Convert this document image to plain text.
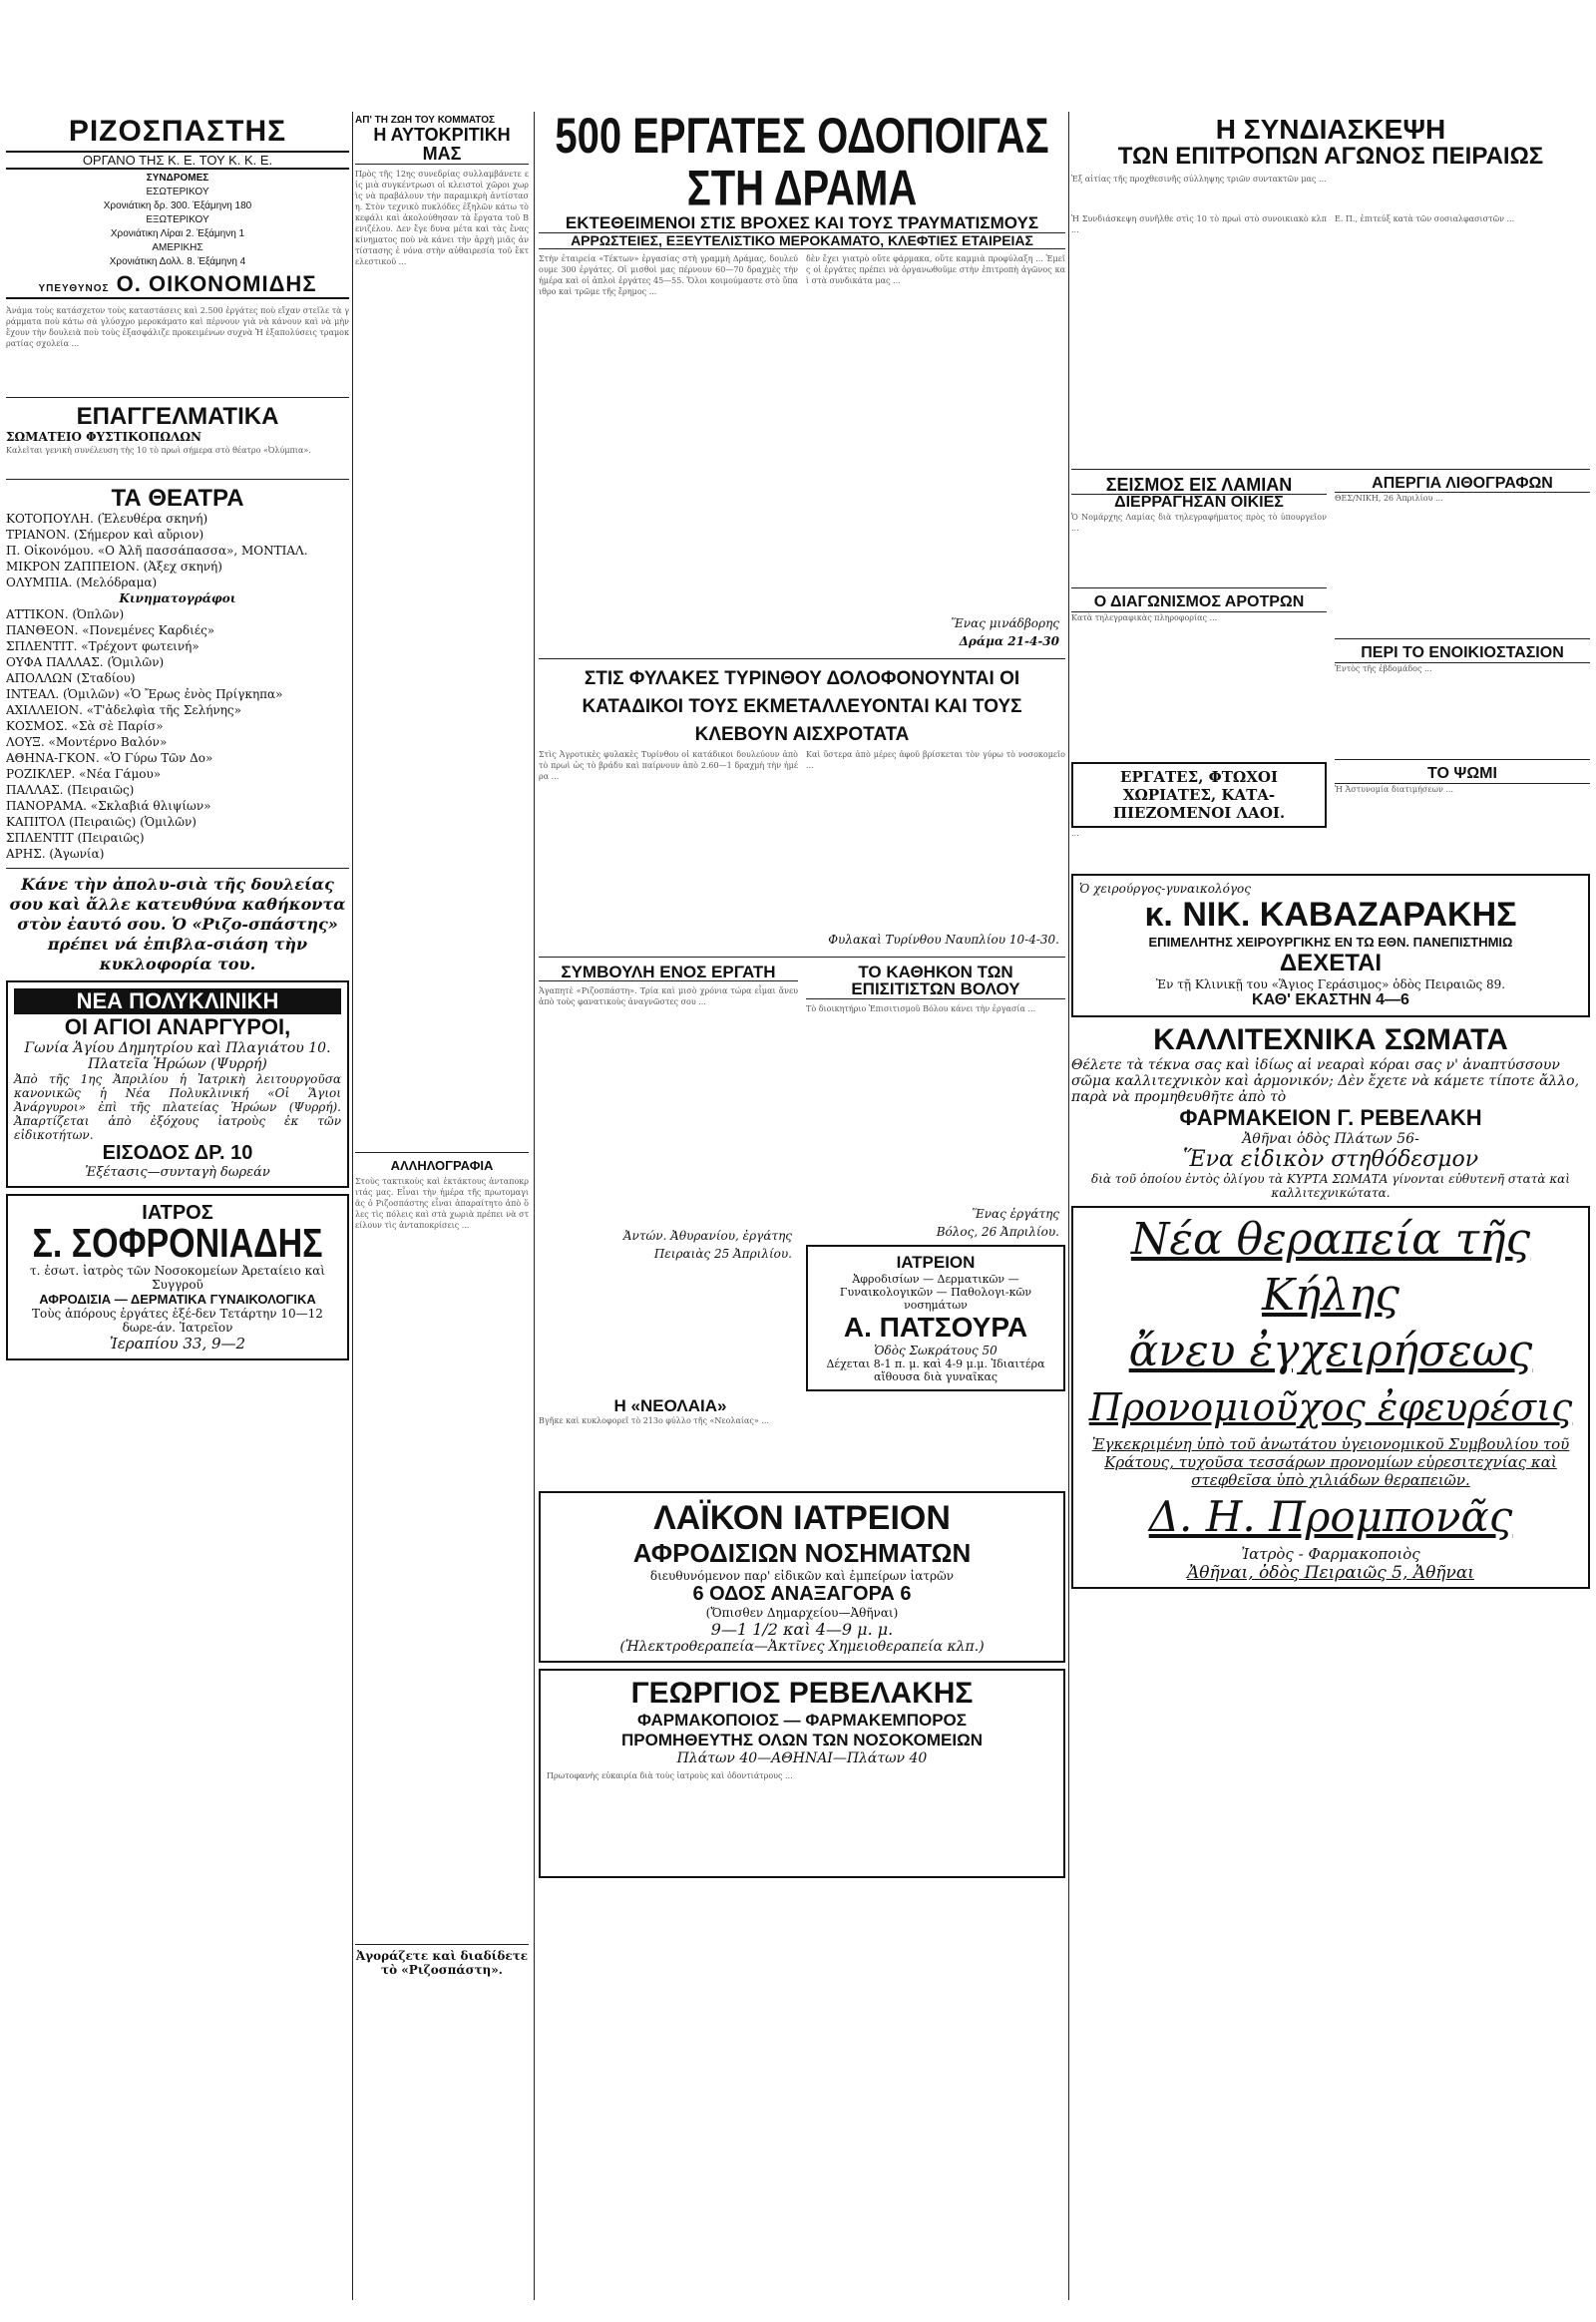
ΡΙΖΟΣΠΑΣΤΗΣ
ΟΡΓΑΝΟ ΤΗΣ Κ. Ε. ΤΟΥ Κ. Κ. Ε.
ΣΥΝΔΡΟΜΕΣ
ΕΣΩΤΕΡΙΚΟΥ
Χρονιάτικη δρ. 300. Ἑξάμηνη 180
ΕΞΩΤΕΡΙΚΟΥ
Χρονιάτικη Λίραι 2. Ἑξάμηνη 1
ΑΜΕΡΙΚΗΣ
Χρονιάτικη Δολλ. 8. Ἑξάμηνη 4
ΥΠΕΥΘΥΝΟΣ Ο. ΟΙΚΟΝΟΜΙΔΗΣ
Ἀνάμα τοὺς κατάσχετον τοὺς καταστάσεις καὶ 2.500 ἐργάτες ποὺ εἴχαν στεῖλε τὰ γράμματα ποὺ κάτω σὰ γλύσχρο μεροκάματο καὶ πέρνουν γιὰ νὰ κάνουν καὶ νὰ μὴν ἔχουν τὴν δουλειὰ ποὺ τοὺς ἐξασφάλιζε προκειμένων συχνὰ Ἡ ἐξαπολύσεις τραμοκρατίας σχολεία ...
ΕΠΑΓΓΕΛΜΑΤΙΚΑ
ΣΩΜΑΤΕΙΟ ΦΥΣΤΙΚΟΠΩΛΩΝ
Καλεῖται γενικὴ συνέλευση τὴς 10 τὸ πρωὶ σήμερα στὸ θέατρο «Ὀλύμπια».
ΤΑ ΘΕΑΤΡΑ
ΚΟΤΟΠΟΥΛΗ. (Ἐλευθέρα σκηνή)
ΤΡΙΑΝΟΝ. (Σήμερον καὶ αὔριον)
Π. Οἰκονόμου. «Ο Ἀλῆ πασσάπασσα», ΜΟΝΤΙΑΛ.
ΜΙΚΡΟΝ ΖΑΠΠΕΙΟΝ. (Ἀξεχ σκηνή)
ΟΛΥΜΠΙΑ. (Μελόδραμα)
Κινηματογράφοι
ΑΤΤΙΚΟΝ. (Ὀπλῶν)
ΠΑΝΘΕΟΝ. «Πονεμένες Καρδιές»
ΣΠΛΕΝΤΙΤ. «Τρέχοντ φωτεινή»
ΟΥΦΑ ΠΑΛΛΑΣ. (Ὁμιλῶν)
ΑΠΟΛΛΩΝ (Σταδίου)
ΙΝΤΕΑΛ. (Ὁμιλῶν) «Ὁ Ἔρως ἐνὸς Πρίγκηπα»
ΑΧΙΛΛΕΙΟΝ. «Τ'ἀδελφὶα τῆς Σελήνης»
ΚΟΣΜΟΣ. «Σὰ σὲ Παρίσ»
ΛΟΥΞ. «Μοντέρνο Βαλόν»
ΑΘΗΝΑ-ΓΚΟΝ. «Ὁ Γύρω Τῶν Δο»
ΡΟΖΙΚΛΕΡ. «Νέα Γάμου»
ΠΑΛΛΑΣ. (Πειραιῶς)
ΠΑΝΟΡΑΜΑ. «Σκλαβιά θλιψίων»
ΚΑΠΙΤΟΛ (Πειραιῶς) (Ὁμιλῶν)
ΣΠΛΕΝΤΙΤ (Πειραιῶς)
ΑΡΗΣ. (Ἀγωνία)
Κάνε τὴν ἀπολυ-σιὰ τῆς δουλείας σου καὶ ἄλλε κατευθύνα καθήκοντα στὸν ἐαυτό σου. Ὁ «Ριζο-σπάστης» πρέπει νά ἐπιβλα-σιάση τὴν κυκλοφορία του.
ΝΕΑ ΠΟΛΥΚΛΙΝΙΚΗ
ΟΙ ΑΓΙΟΙ ΑΝΑΡΓΥΡΟΙ,
Γωνία Ἁγίου Δημητρίου καὶ Πλαγιάτου 10. Πλατεῖα Ἡρώων (Ψυρρή)
Ἀπὸ τῆς 1ης Ἀπριλίου ἡ Ἰατρικὴ λειτουργοῦσα κανονικῶς ἡ Νέα Πολυκλινική «Οἱ Ἅγιοι Ἀνάργυροι» ἐπὶ τῆς πλατείας Ἡρώων (Ψυρρή). Ἀπαρτίζεται ἀπὸ ἐξόχους ἰατροὺς ἐκ τῶν εἰδικοτήτων.
ΕΙΣΟΔΟΣ ΔΡ. 10
Ἐξέτασις—συνταγὴ δωρεάν
ΙΑΤΡΟΣ
Σ. ΣΟΦΡΟΝΙΑΔΗΣ
τ. ἐσωτ. ἰατρὸς τῶν Νοσοκομείων Ἀρεταίειο καὶ Συγγροῦ
ΑΦΡΟΔΙΣΙΑ — ΔΕΡΜΑΤΙΚΑ ΓΥΝΑΙΚΟΛΟΓΙΚΑ
Τοὺς ἀπόρους ἐργάτες ἐξέ-δεν Τετάρτην 10—12 δωρε-άν. Ἰατρεῖον
Ἰεραπίου 33, 9—2
ΑΠ' ΤΗ ΖΩΗ ΤΟΥ ΚΟΜΜΑΤΟΣ
Η ΑΥΤΟΚΡΙΤΙΚΗ ΜΑΣ
Πρὸς τῆς 12ης συνεδρίας συλλαμβάνετε εἰς μιὰ συγκέντρωσι οἱ κλειστοὶ χῶροι χωρὶς νὰ πραβάλουν τὴν παραμικρὴ ἀντίσταση. Στὸν τεχνικὸ πυκλόδες ἐξηλῶν κάτω τὸ κεφάλι καὶ ἀκολούθησαν τὰ ἔργατα τοῦ Βενιζέλου. Δεν ἔγε δυνα μέτα καὶ τὰς ἔνας κίνηματος ποὺ νὰ κάνει τὴν ἀρχὴ μιᾶς ἀντίστασης ἐ νόνα στὴν αὐθαιρεσία τοῦ ἔκτελεστικοῦ ...
ΑΛΛΗΛΟΓΡΑΦΙΑ
Στοὺς τακτικοὺς καὶ ἐκτάκτους ἀνταποκριτάς μας. Εἶναι τὴν ἡμέρα τῆς πρωτομαγιᾶς ὁ Ριζοσπάστης εἶναι ἀπαραίτητο ἀπὸ ὅλες τὶς πόλεις καὶ στὰ χωριὰ πρέπει νὰ στείλουν τὶς ἀνταποκρίσεις ...
Ἀγοράζετε καὶ διαδίδετε τὸ «Ριζοσπάστη».
500 ΕΡΓΑΤΕΣ ΟΔΟΠΟΙΓΑΣ ΣΤΗ ΔΡΑΜΑ
ΕΚΤΕΘΕΙΜΕΝΟΙ ΣΤΙΣ ΒΡΟΧΕΣ ΚΑΙ ΤΟΥΣ ΤΡΑΥΜΑΤΙΣΜΟΥΣ
ΑΡΡΩΣΤΕΙΕΣ, ΕΞΕΥΤΕΛΙΣΤΙΚΟ ΜΕΡΟΚΑΜΑΤΟ, ΚΛΕΦΤΙΕΣ ΕΤΑΙΡΕΙΑΣ
Στὴν ἐταιρεία «Τέκτων» ἐργασίας στὴ γραμμὴ Δράμας, δουλεύουμε 300 ἐργάτες. Οἱ μισθοὶ μας πέρνουν 60—70 δραχμὲς τὴν ἡμέρα καὶ οἱ ἀπλοὶ ἐργάτες 45—55. Ὅλοι κοιμούμαστε στὸ ὕπαιθρο καὶ τρῶμε τῆς ἔρημος ...
δὲν ἔχει γιατρὸ οὔτε φάρμακα, οὔτε καμμιὰ προφύλαξη ... Ἐμεῖς οἱ ἐργάτες πρέπει νὰ ὀργανωθοῦμε στὴν ἐπιτροπὴ ἀγῶνος καὶ στὰ συνδικάτα μας ...
Ἕνας μινάδβορης
Δράμα 21-4-30
ΣΤΙΣ ΦΥΛΑΚΕΣ ΤΥΡΙΝΘΟΥ ΔΟΛΟΦΟΝΟΥΝΤΑΙ ΟΙ ΚΑΤΑΔΙΚΟΙ ΤΟΥΣ ΕΚΜΕΤΑΛΛΕΥΟΝΤΑΙ ΚΑΙ ΤΟΥΣ ΚΛΕΒΟΥΝ ΑΙΣΧΡΟΤΑΤΑ
Στὶς Ἀγροτικὲς φυλακὲς Τυρίνθου οἱ κατάδικοι δουλεύουν ἀπὸ τὸ πρωὶ ὡς τὸ βράδυ καὶ παίρνουν ἀπὸ 2.60—1 δραχμὴ τὴν ἡμέρα ...
Καὶ ὕστερα ἀπὸ μέρες ἀφοῦ βρίσκεται τὸν γύρω τὸ νοσοκομεῖο ...
Φυλακαὶ Τυρίνθου Ναυπλίου 10-4-30.
ΣΥΜΒΟΥΛΗ ΕΝΟΣ ΕΡΓΑΤΗ
Ἀγαπητὲ «Ριζοσπάστη». Τρία καὶ μισὸ χρόνια τώρα εἶμαι ἄνευ ἀπὸ τοὺς φανατικοὺς ἀναγνῶστες σου ...
Ἀντών. Ἀθυρανίου, ἐργάτης
Πειραιὰς 25 Ἀπριλίου.
ΤΟ ΚΑΘΗΚΟΝ ΤΩΝ ΕΠΙΣΙΤΙΣΤΩΝ ΒΟΛΟΥ
Τὸ διοικητήριο Ἐπισιτισμοῦ Βόλου κάνει τὴν ἐργασία ...
Ἕνας ἐργάτης
Βόλος, 26 Ἀπριλίου.
ΙΑΤΡΕΙΟΝ
Ἀφροδισίων — Δερματικῶν — Γυναικολογικῶν — Παθολογι-κῶν νοσημάτων
Α. ΠΑΤΣΟΥΡΑ
Ὁδὸς Σωκράτους 50
Δέχεται 8-1 π. μ. καὶ 4-9 μ.μ. Ἰδιαιτέρα αἴθουσα διὰ γυναῖκας
Η «ΝΕΟΛΑΙΑ»
Βγῆκε καὶ κυκλοφορεῖ τὸ 213ο φύλλο τῆς «Νεολαίας» ...
ΛΑΪΚΟΝ ΙΑΤΡΕΙΟΝ
ΑΦΡΟΔΙΣΙΩΝ ΝΟΣΗΜΑΤΩΝ
διευθυνόμενον παρ' εἰδικῶν καὶ ἐμπείρων ἰατρῶν
6 ΟΔΟΣ ΑΝΑΞΑΓΟΡΑ 6
(Ὄπισθεν Δημαρχείου—Ἀθῆναι)
9—1 1/2 καὶ 4—9 μ. μ.
(Ἠλεκτροθεραπεία—Ἀκτῖνες Χημειοθεραπεία κλπ.)
ΓΕΩΡΓΙΟΣ ΡΕΒΕΛΑΚΗΣ
ΦΑΡΜΑΚΟΠΟΙΟΣ — ΦΑΡΜΑΚΕΜΠΟΡΟΣ
ΠΡΟΜΗΘΕΥΤΗΣ ΟΛΩΝ ΤΩΝ ΝΟΣΟΚΟΜΕΙΩΝ
Πλάτων 40—ΑΘΗΝΑΙ—Πλάτων 40
Πρωτοφανὴς εὐκαιρία διὰ τοὺς ἰατροὺς καὶ ὀδοντιάτρους ...
Η ΣΥΝΔΙΑΣΚΕΨΗ
ΤΩΝ ΕΠΙΤΡΟΠΩΝ ΑΓΩΝΟΣ ΠΕΙΡΑΙΩΣ
Ἐξ αἰτίας τῆς προχθεσινῆς σύλληψης τριῶν συντακτῶν μας ...
Ἡ Συνδιάσκεψη συνῆλθε στὶς 10 τὸ πρωὶ στὸ συνοικιακὸ κλπ ...
Ε. Π., ἐπιτεύξ κατὰ τῶν σοσιαλφασιστῶν ...
ΣΕΙΣΜΟΣ ΕΙΣ ΛΑΜΙΑΝ
ΔΙΕΡΡΑΓΗΣΑΝ ΟΙΚΙΕΣ
Ὁ Νομάρχης Λαμίας διὰ τηλεγραφήματος πρὸς τὸ ὑπουργεῖον ...
Ο ΔΙΑΓΩΝΙΣΜΟΣ ΑΡΟΤΡΩΝ
Κατὰ τηλεγραφικὰς πληροφορίας ...
ΕΡΓΑΤΕΣ, ΦΤΩΧΟΙ ΧΩΡΙΑΤΕΣ, ΚΑΤΑ-ΠΙΕΖΟΜΕΝΟΙ ΛΑΟΙ.
...
ΑΠΕΡΓΙΑ ΛΙΘΟΓΡΑΦΩΝ
ΘΕΣ/ΝΙΚΗ, 26 Ἀπριλίου ...
ΠΕΡΙ ΤΟ ΕΝΟΙΚΙΟΣΤΑΣΙΟΝ
Ἐντὸς τῆς ἑβδομάδος ...
ΤΟ ΨΩΜΙ
Ἡ Ἀστυνομία διατιμήσεων ...
Ὁ χειρούργος-γυναικολόγος
κ. ΝΙΚ. ΚΑΒΑΖΑΡΑΚΗΣ
ΕΠΙΜΕΛΗΤΗΣ ΧΕΙΡΟΥΡΓΙΚΗΣ ΕΝ ΤΩ ΕΘΝ. ΠΑΝΕΠΙΣΤΗΜΙΩ
ΔΕΧΕΤΑΙ
Ἐν τῇ Κλινικῇ του «Ἅγιος Γεράσιμος» ὁδὸς Πειραιῶς 89.
ΚΑΘ' ΕΚΑΣΤΗΝ 4—6
ΚΑΛΛΙΤΕΧΝΙΚΑ ΣΩΜΑΤΑ
Θέλετε τὰ τέκνα σας καὶ ἰδίως αἱ νεαραὶ κόραι σας ν' ἀναπτύσσουν σῶμα καλλιτεχνικὸν καὶ ἀρμονικόν; Δὲν ἔχετε νὰ κάμετε τίποτε ἄλλο, παρὰ νὰ προμηθευθῆτε ἀπὸ τὸ
ΦΑΡΜΑΚΕΙΟΝ Γ. ΡΕΒΕΛΑΚΗ
Ἀθῆναι ὁδὸς Πλάτων 56-
Ἕνα εἰδικὸν στηθόδεσμον
διὰ τοῦ ὁποίου ἐντὸς ὀλίγου τὰ ΚΥΡΤΑ ΣΩΜΑΤΑ γίνονται εὐθυτενῆ στατὰ καὶ καλλιτεχνικώτατα.
Νέα θεραπεία τῆς Κήλης
ἄνευ ἐγχειρήσεως
Προνομιοῦχος ἐφευρέσις
Ἐγκεκριμένη ὑπὸ τοῦ ἀνωτάτου ὑγειονομικοῦ Συμβουλίου τοῦ Κράτους, τυχοῦσα τεσσάρων προνομίων εὑρεσιτεχνίας καὶ στεφθεῖσα ὑπὸ χιλιάδων θεραπειῶν.
Δ. Η. Προμπονᾶς
Ἰατρὸς - Φαρμακοποιὸς
Ἀθῆναι, ὁδὸς Πειραιῶς 5, Ἀθῆναι
